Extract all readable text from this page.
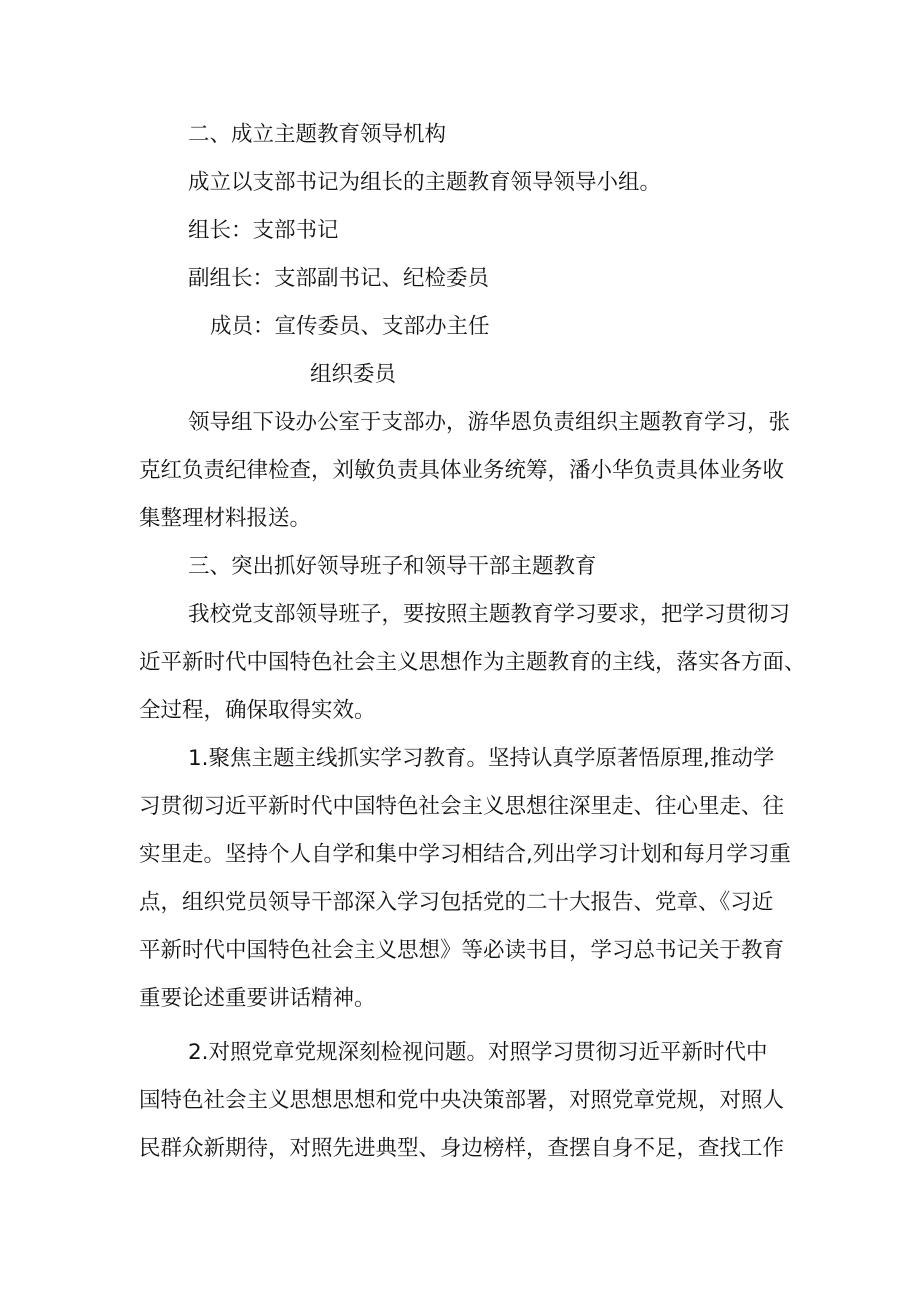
二、成立主题教育领导机构
成立以支部书记为组长的主题教育领导领导小组。
组长：支部书记
副组长：支部副书记、纪检委员
成员：宣传委员、支部办主任
组织委员
领导组下设办公室于支部办，游华恩负责组织主题教育学习，张
克红负责纪律检查，刘敏负责具体业务统筹，潘小华负责具体业务收
集整理材料报送。
三、突出抓好领导班子和领导干部主题教育
我校党支部领导班子，要按照主题教育学习要求，把学习贯彻习
近平新时代中国特色社会主义思想作为主题教育的主线，落实各方面、
全过程，确保取得实效。
1.聚焦主题主线抓实学习教育。坚持认真学原著悟原理,推动学
习贯彻习近平新时代中国特色社会主义思想往深里走、往心里走、往
实里走。坚持个人自学和集中学习相结合,列出学习计划和每月学习重
点，组织党员领导干部深入学习包括党的二十大报告、党章、《习近
平新时代中国特色社会主义思想》等必读书目，学习总书记关于教育
重要论述重要讲话精神。
2.对照党章党规深刻检视问题。对照学习贯彻习近平新时代中
国特色社会主义思想思想和党中央决策部署，对照党章党规，对照人
民群众新期待，对照先进典型、身边榜样，查摆自身不足，查找工作
